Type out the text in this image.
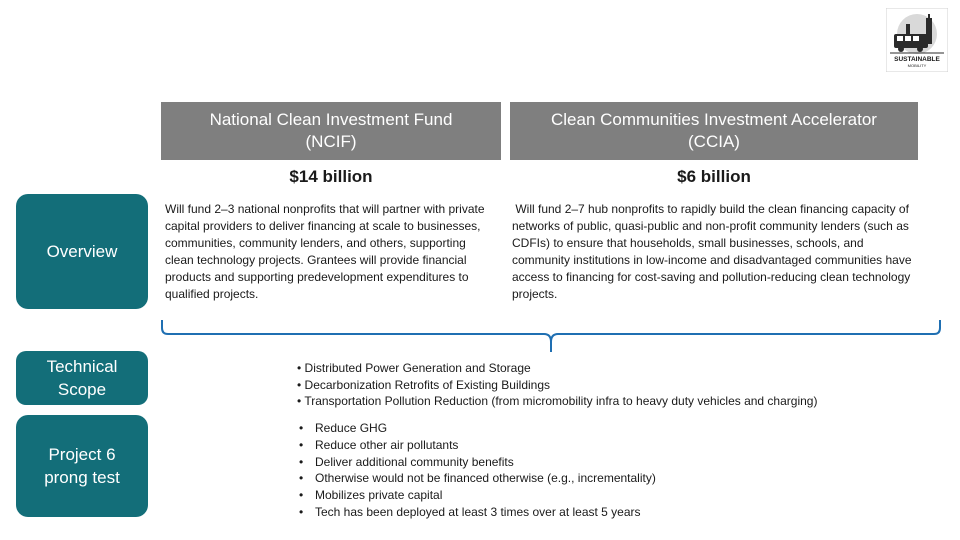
SUSTAINABLE
MOBILITY
National Clean Investment Fund
(NCIF)
Clean Communities Investment Accelerator
(CCIA)
$14 billion	$6 billion
Will fund 2–3 national nonprofits that will partner with private capital providers to deliver financing at scale to businesses, communities, community lenders, and others, supporting clean technology projects. Grantees will provide financial products and supporting predevelopment expenditures to qualified projects.
Will fund 2–7 hub nonprofits to rapidly build the clean financing capacity of networks of public, quasi-public and non-profit community lenders (such as CDFIs) to ensure that households, small businesses, schools, and community institutions in low-income and disadvantaged communities have access to financing for cost-saving and pollution-reducing clean technology projects.
Overview
Technical
Scope
Project 6
prong test
• Distributed Power Generation and Storage
• Decarbonization Retrofits of Existing Buildings
• Transportation Pollution Reduction (from micromobility infra to heavy duty vehicles and charging)
• Reduce GHG
• Reduce other air pollutants
• Deliver additional community benefits
• Otherwise would not be financed otherwise (e.g., incrementality)
• Mobilizes private capital
• Tech has been deployed at least 3 times over at least 5 years
